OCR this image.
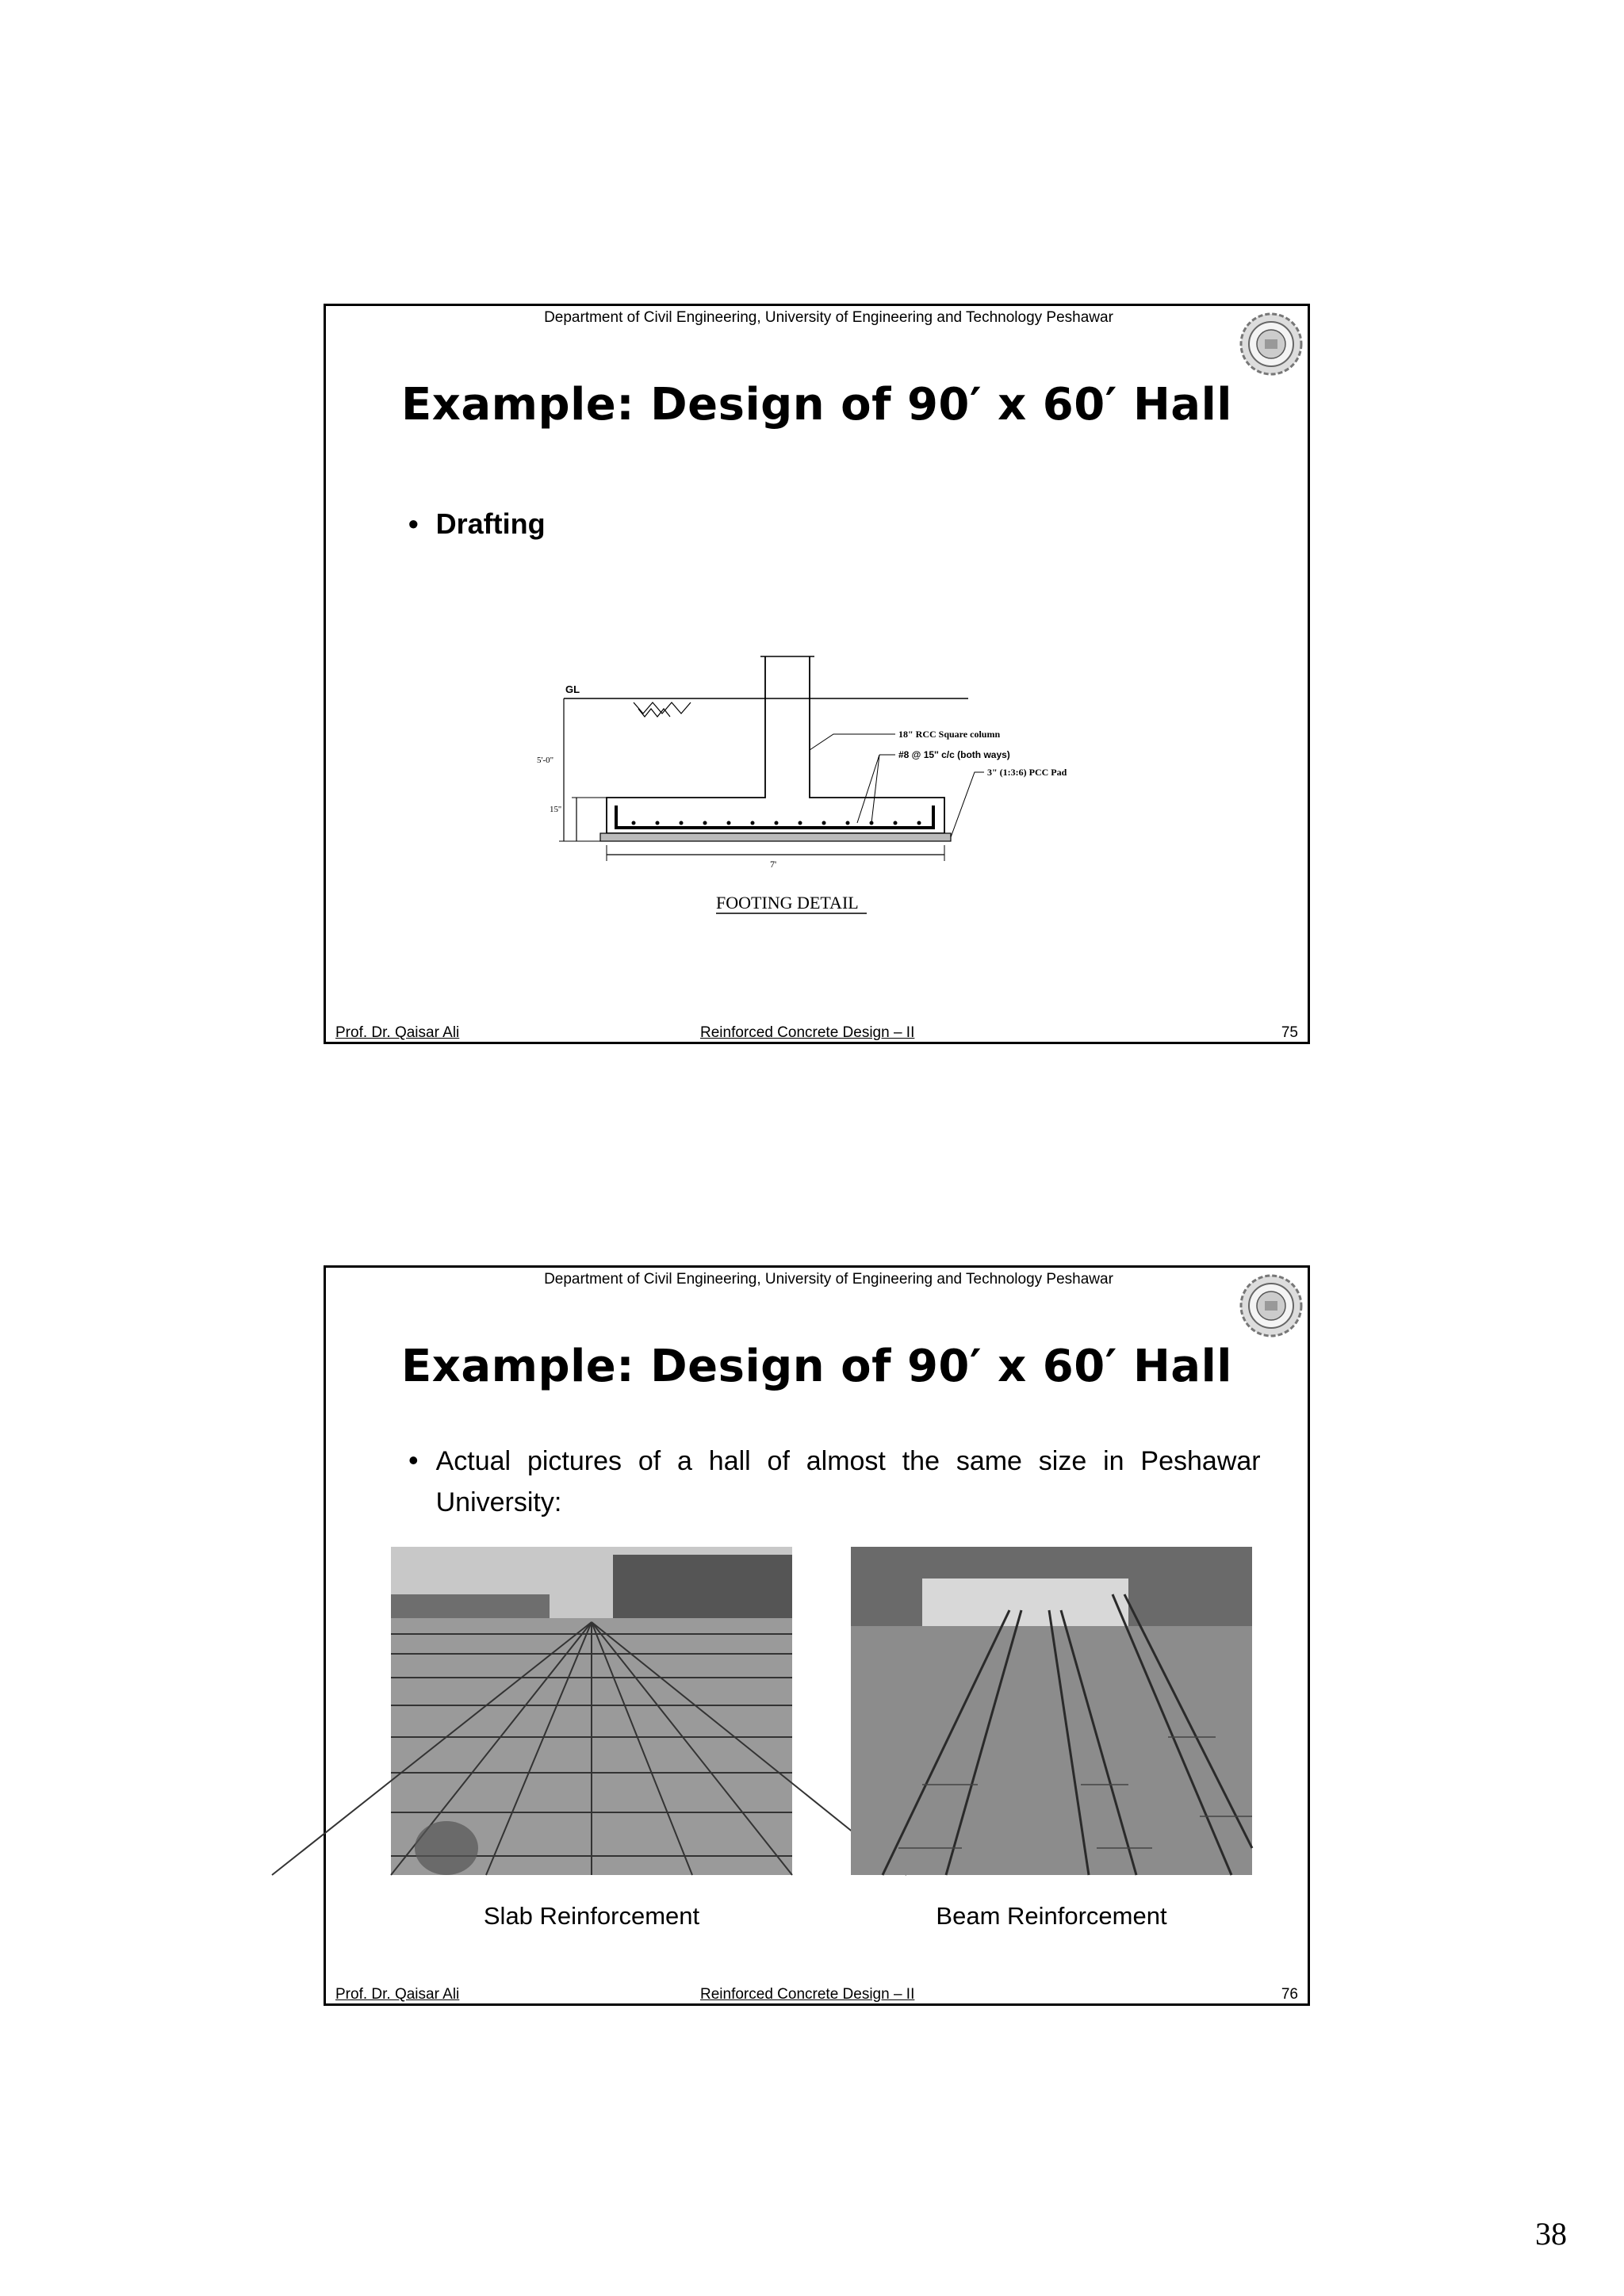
Department of Civil Engineering, University of Engineering and Technology Peshawar
Example: Design of 90′ x 60′ Hall
• Drafting
GL
5'-0"
15''
18" RCC Square column
#8 @ 15'' c/c (both ways)
3" (1:3:6) PCC Pad
7'
FOOTING DETAIL
Prof. Dr. Qaisar Ali	Reinforced Concrete Design – II	75
Department of Civil Engineering, University of Engineering and Technology Peshawar
Example: Design of 90′ x 60′ Hall
• Actual pictures of a hall of almost the same size in Peshawar University:
Slab Reinforcement	Beam Reinforcement
Prof. Dr. Qaisar Ali	Reinforced Concrete Design – II	76
38
